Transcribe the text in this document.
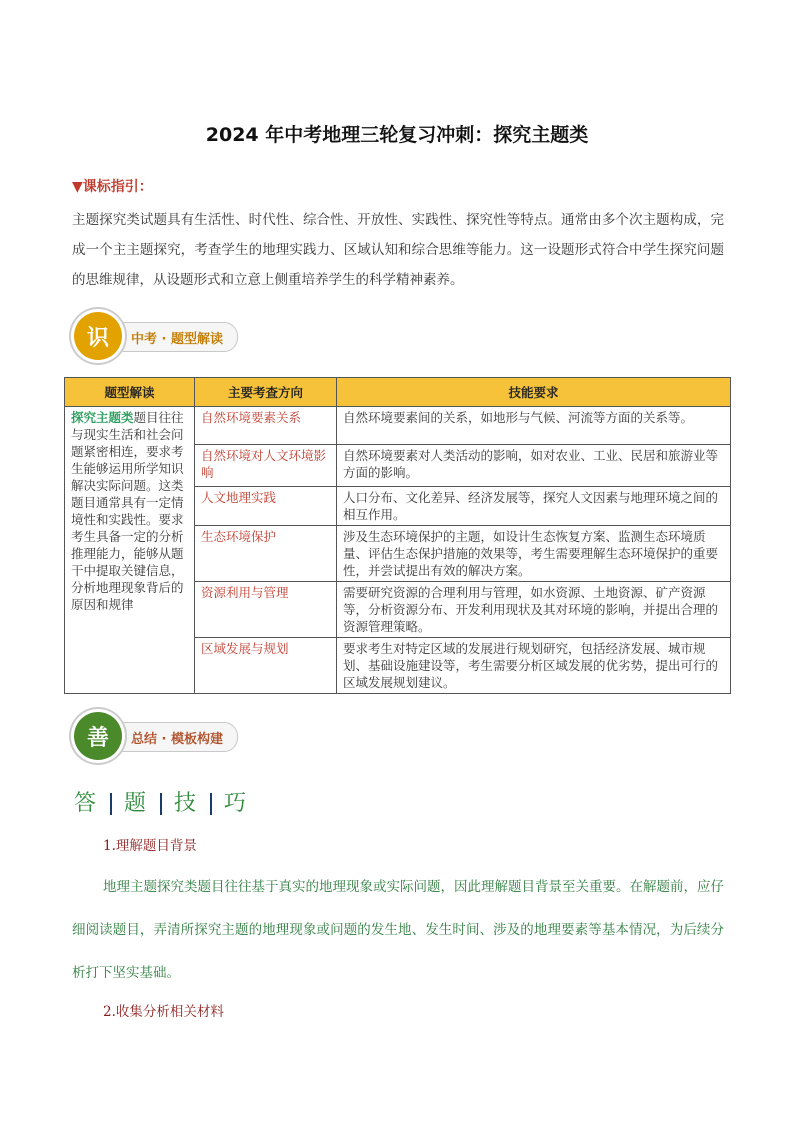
2024 年中考地理三轮复习冲刺：探究主题类
▼课标指引：
主题探究类试题具有生活性、时代性、综合性、开放性、实践性、探究性等特点。通常由多个次主题构成，完成一个主主题探究，考查学生的地理实践力、区域认知和综合思维等能力。这一设题形式符合中学生探究问题的思维规律，从设题形式和立意上侧重培养学生的科学精神素养。
识	中考 · 题型解读
题型解读	主要考查方向	技能要求
探究主题类题目往往与现实生活和社会问题紧密相连，要求考生能够运用所学知识解决实际问题。这类题目通常具有一定情境性和实践性。要求考生具备一定的分析推理能力，能够从题干中提取关键信息，分析地理现象背后的原因和规律	自然环境要素关系	自然环境要素间的关系，如地形与气候、河流等方面的关系等。
	自然环境对人文环境影响	自然环境要素对人类活动的影响，如对农业、工业、民居和旅游业等方面的影响。
	人文地理实践	人口分布、文化差异、经济发展等，探究人文因素与地理环境之间的相互作用。
	生态环境保护	涉及生态环境保护的主题，如设计生态恢复方案、监测生态环境质量、评估生态保护措施的效果等，考生需要理解生态环境保护的重要性，并尝试提出有效的解决方案。
	资源利用与管理	需要研究资源的合理利用与管理，如水资源、土地资源、矿产资源等，分析资源分布、开发利用现状及其对环境的影响，并提出合理的资源管理策略。
	区域发展与规划	要求考生对特定区域的发展进行规划研究，包括经济发展、城市规划、基础设施建设等，考生需要分析区域发展的优劣势，提出可行的区域发展规划建议。
善	总结 · 模板构建
答 题 技 巧
1.理解题目背景
地理主题探究类题目往往基于真实的地理现象或实际问题，因此理解题目背景至关重要。在解题前，应仔细阅读题目，弄清所探究主题的地理现象或问题的发生地、发生时间、涉及的地理要素等基本情况，为后续分析打下坚实基础。
2.收集分析相关材料
